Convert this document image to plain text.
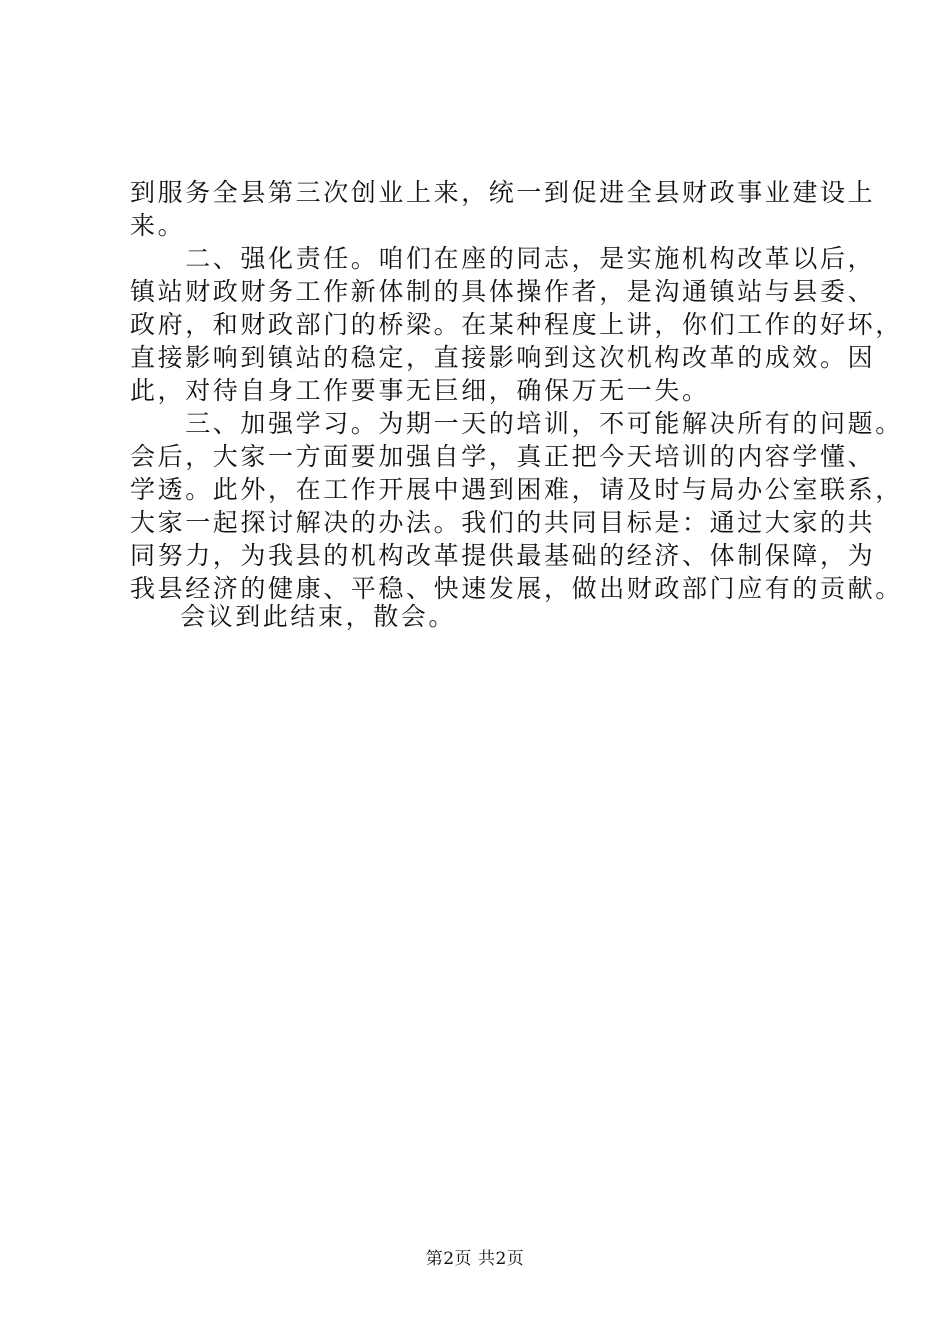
到服务全县第三次创业上来，统一到促进全县财政事业建设上
来。
　　二、强化责任。咱们在座的同志，是实施机构改革以后，
镇站财政财务工作新体制的具体操作者，是沟通镇站与县委、
政府，和财政部门的桥梁。在某种程度上讲，你们工作的好坏，
直接影响到镇站的稳定，直接影响到这次机构改革的成效。因
此，对待自身工作要事无巨细，确保万无一失。
　　三、加强学习。为期一天的培训，不可能解决所有的问题。
会后，大家一方面要加强自学，真正把今天培训的内容学懂、
学透。此外，在工作开展中遇到困难，请及时与局办公室联系，
大家一起探讨解决的办法。我们的共同目标是：通过大家的共
同努力，为我县的机构改革提供最基础的经济、体制保障，为
我县经济的健康、平稳、快速发展，做出财政部门应有的贡献。
会议到此结束，散会。
第2页 共2页
